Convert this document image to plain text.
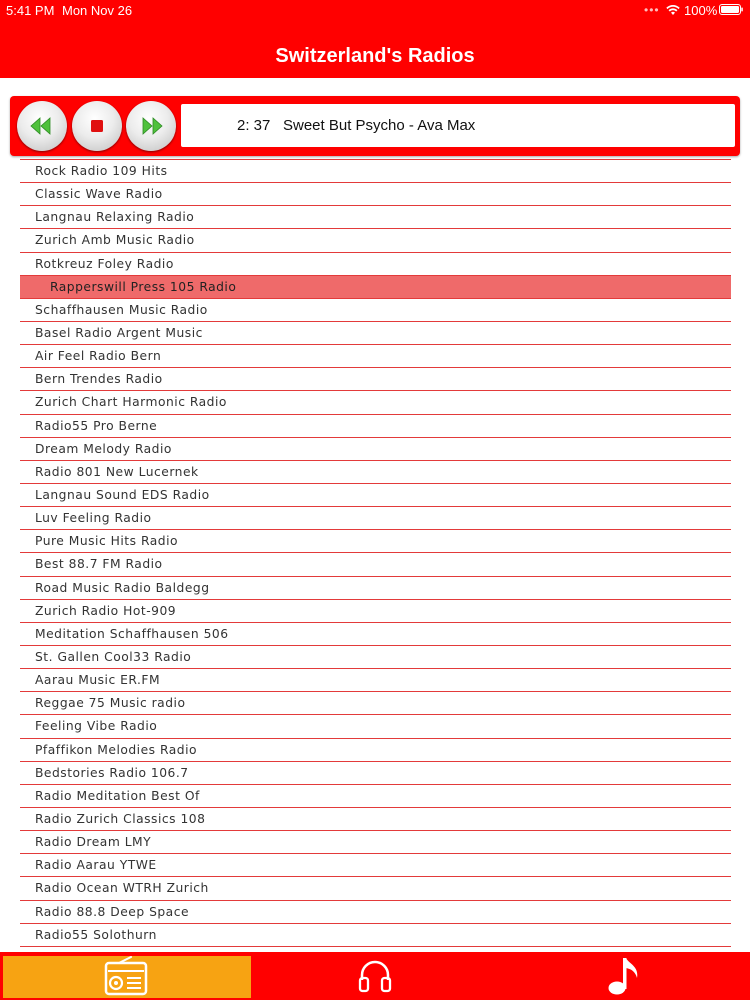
5:41 PM Mon Nov 26	••• 100%
Switzerland's Radios
2: 37 Sweet But Psycho - Ava Max
Rock Radio 109 Hits
Classic Wave Radio
Langnau Relaxing Radio
Zurich Amb Music Radio
Rotkreuz Foley Radio
Rapperswill Press 105 Radio
Schaffhausen Music Radio
Basel Radio Argent Music
Air Feel Radio Bern
Bern Trendes Radio
Zurich Chart Harmonic Radio
Radio55 Pro Berne
Dream Melody Radio
Radio 801 New Lucernek
Langnau Sound EDS Radio
Luv Feeling Radio
Pure Music Hits Radio
Best 88.7 FM Radio
Road Music Radio Baldegg
Zurich Radio Hot-909
Meditation Schaffhausen 506
St. Gallen Cool33 Radio
Aarau Music ER.FM
Reggae 75 Music radio
Feeling Vibe Radio
Pfaffikon Melodies Radio
Bedstories Radio 106.7
Radio Meditation Best Of
Radio Zurich Classics 108
Radio Dream LMY
Radio Aarau YTWE
Radio Ocean WTRH Zurich
Radio 88.8 Deep Space
Radio55 Solothurn
